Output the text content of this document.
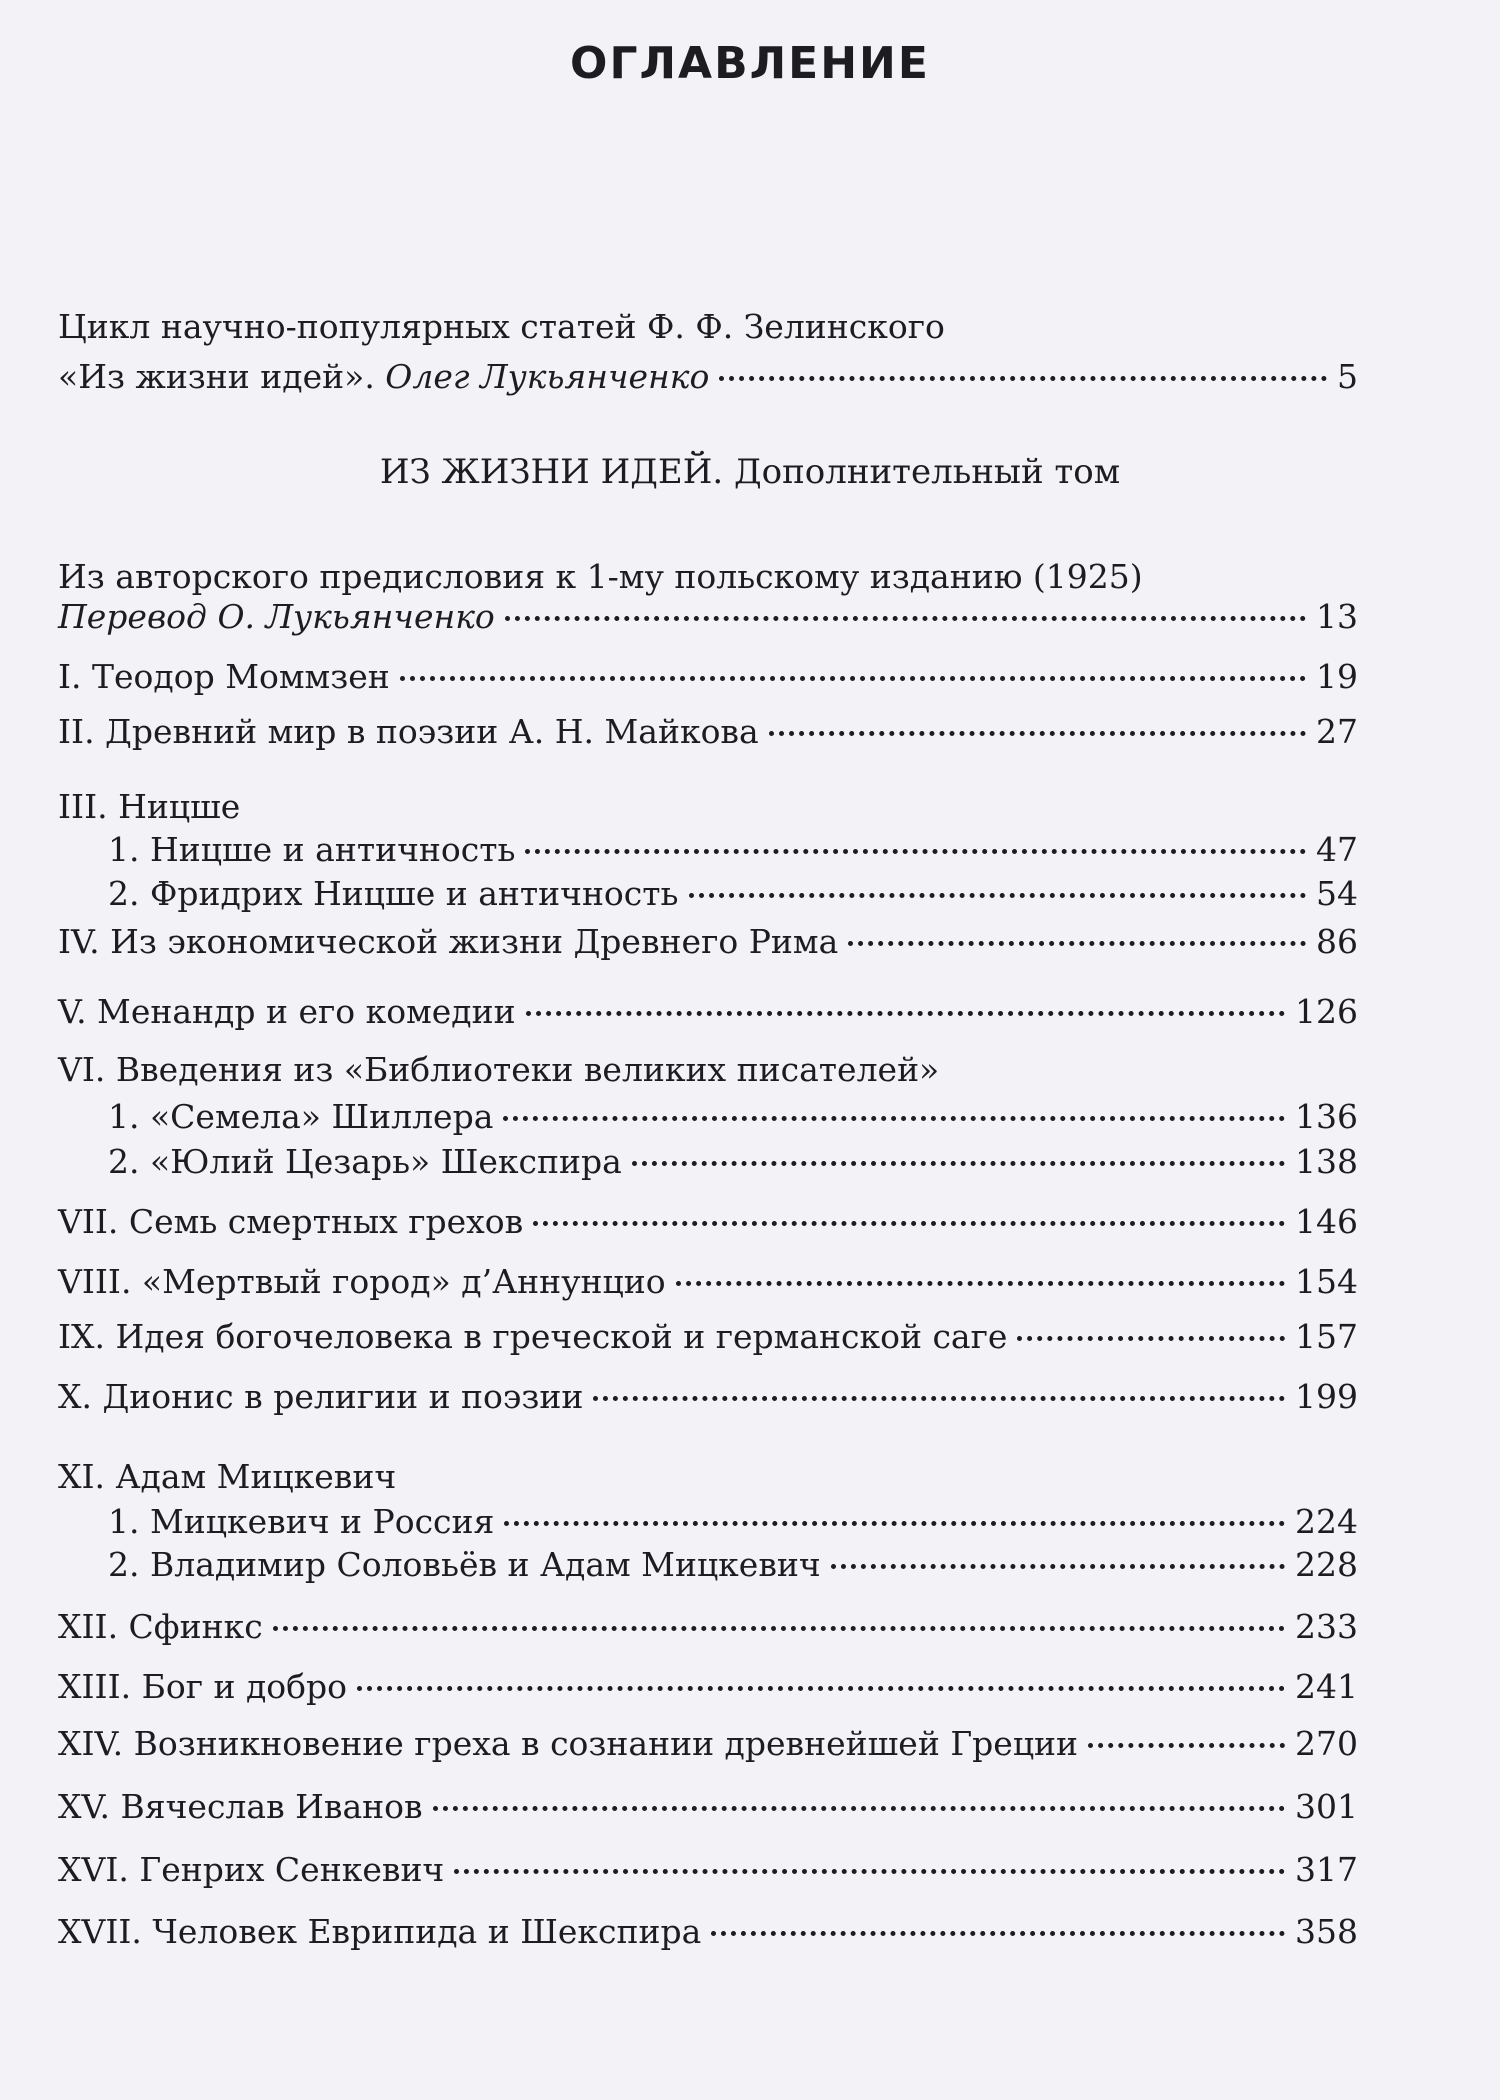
ОГЛАВЛЕНИЕ
Цикл научно-популярных статей Ф. Ф. Зелинского
«Из жизни идей». Олег Лукьянченко	5
ИЗ ЖИЗНИ ИДЕЙ. Дополнительный том
Из авторского предисловия к 1-му польскому изданию (1925)
Перевод О. Лукьянченко	13
I. Теодор Моммзен	19
II. Древний мир в поэзии А. Н. Майкова	27
III. Ницше
1. Ницше и античность	47
2. Фридрих Ницше и античность	54
IV. Из экономической жизни Древнего Рима	86
V. Менандр и его комедии	126
VI. Введения из «Библиотеки великих писателей»
1. «Семела» Шиллера	136
2. «Юлий Цезарь» Шекспира	138
VII. Семь смертных грехов	146
VIII. «Мертвый город» д’Аннунцио	154
IX. Идея богочеловека в греческой и германской саге	157
X. Дионис в религии и поэзии	199
XI. Адам Мицкевич
1. Мицкевич и Россия	224
2. Владимир Соловьёв и Адам Мицкевич	228
XII. Сфинкс	233
XIII. Бог и добро	241
XIV. Возникновение греха в сознании древнейшей Греции	270
XV. Вячеслав Иванов	301
XVI. Генрих Сенкевич	317
XVII. Человек Еврипида и Шекспира	358
